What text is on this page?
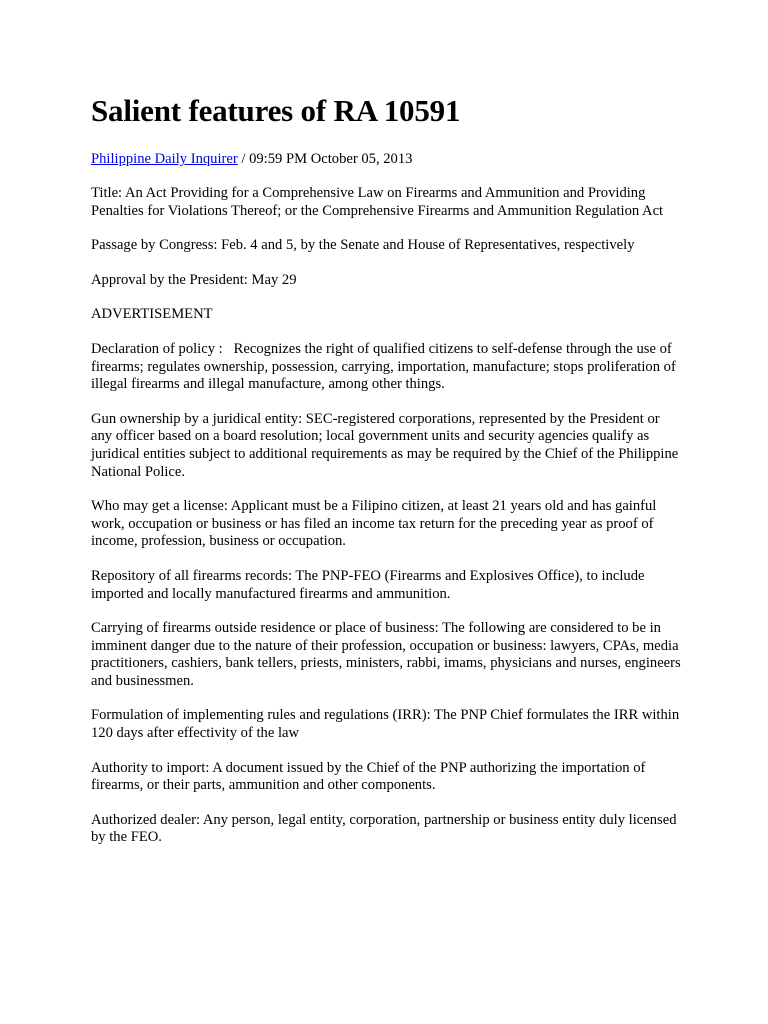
Salient features of RA 10591
Philippine Daily Inquirer / 09:59 PM October 05, 2013

Title: An Act Providing for a Comprehensive Law on Firearms and Ammunition and Providing Penalties for Violations Thereof; or the Comprehensive Firearms and Ammunition Regulation Act

Passage by Congress: Feb. 4 and 5, by the Senate and House of Representatives, respectively

Approval by the President: May 29

ADVERTISEMENT

Declaration of policy :   Recognizes the right of qualified citizens to self-defense through the use of firearms; regulates ownership, possession, carrying, importation, manufacture; stops proliferation of illegal firearms and illegal manufacture, among other things.

Gun ownership by a juridical entity: SEC-registered corporations, represented by the President or any officer based on a board resolution; local government units and security agencies qualify as juridical entities subject to additional requirements as may be required by the Chief of the Philippine National Police.

Who may get a license: Applicant must be a Filipino citizen, at least 21 years old and has gainful work, occupation or business or has filed an income tax return for the preceding year as proof of income, profession, business or occupation.

Repository of all firearms records: The PNP-FEO (Firearms and Explosives Office), to include imported and locally manufactured firearms and ammunition.

Carrying of firearms outside residence or place of business: The following are considered to be in imminent danger due to the nature of their profession, occupation or business: lawyers, CPAs, media practitioners, cashiers, bank tellers, priests, ministers, rabbi, imams, physicians and nurses, engineers and businessmen.

Formulation of implementing rules and regulations (IRR): The PNP Chief formulates the IRR within 120 days after effectivity of the law

Authority to import: A document issued by the Chief of the PNP authorizing the importation of firearms, or their parts, ammunition and other components.

Authorized dealer: Any person, legal entity, corporation, partnership or business entity duly licensed by the FEO.
